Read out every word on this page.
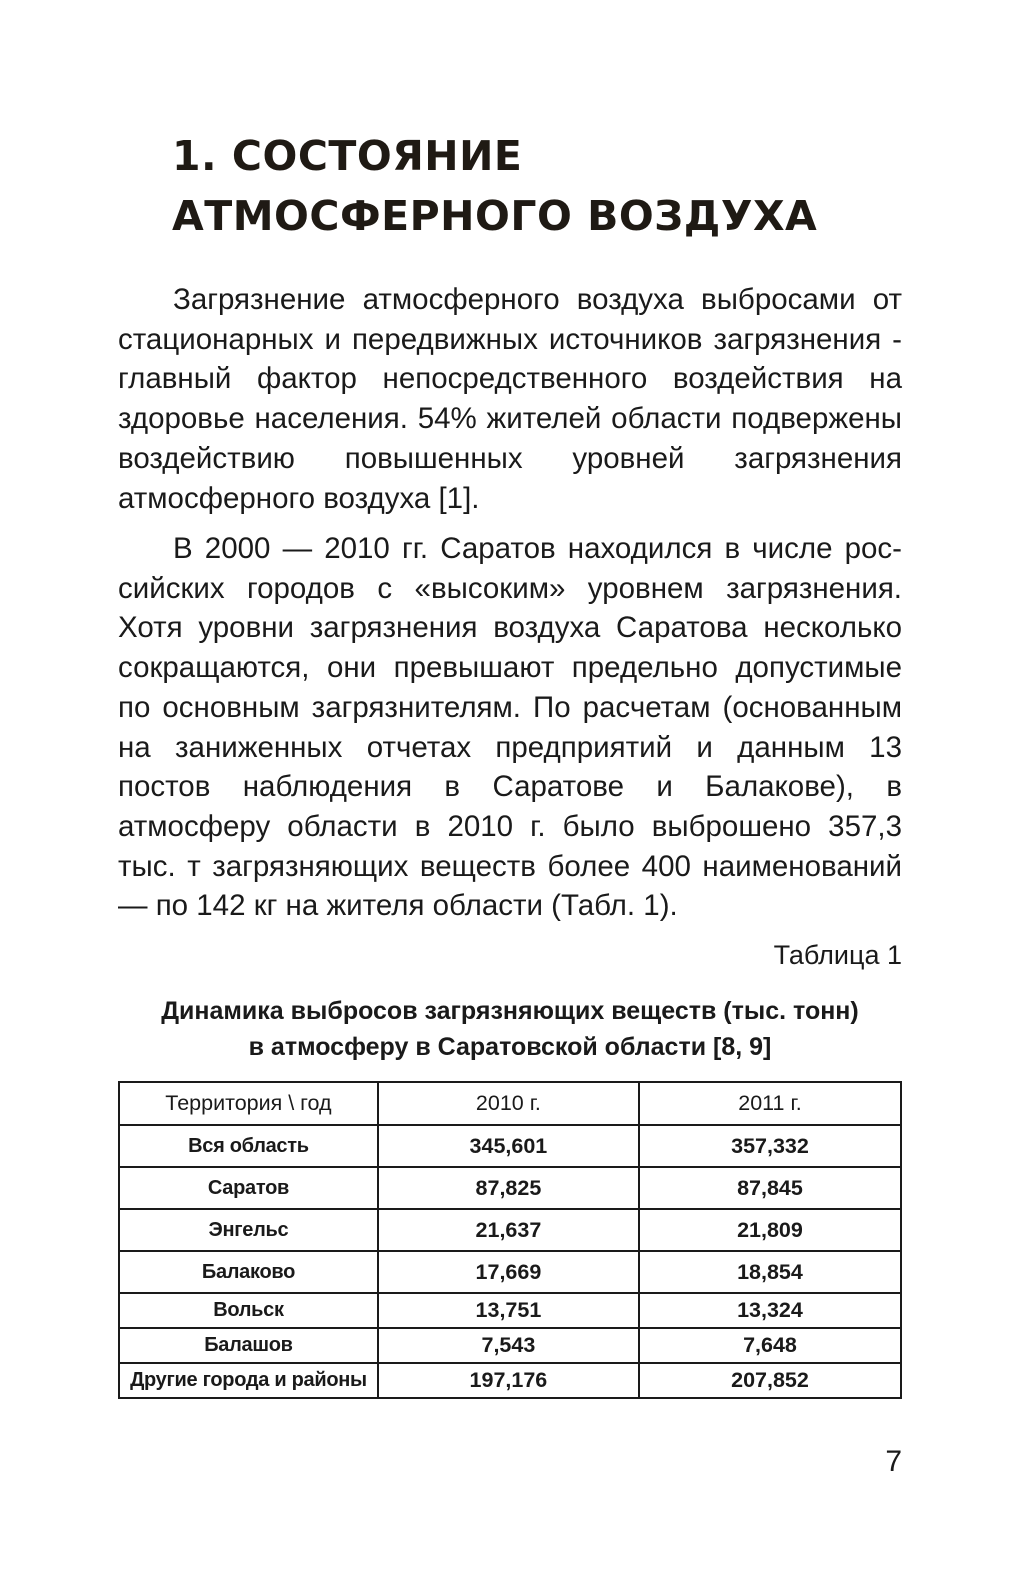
1. СОСТОЯНИЕ
АТМОСФЕРНОГО ВОЗДУХА

Загрязнение атмосферного воздуха выбросами от стационарных и передвижных источников загрязнения - главный фактор непосредственного воздействия на здоровье населения. 54% жителей области подвержены воздействию повышенных уровней загрязнения атмосферного воздуха [1].

В 2000 — 2010 гг. Саратов находился в числе российских городов с «высоким» уровнем загрязнения. Хотя уровни загрязнения воздуха Саратова несколько сокращаются, они превышают предельно допустимые по основным загрязнителям. По расчетам (основанным на заниженных отчетах предприятий и данным 13 постов наблюдения в Саратове и Балакове), в атмосферу области в 2010 г. было выброшено 357,3 тыс. т загрязняющих веществ более 400 наименований — по 142 кг на жителя области (Табл. 1).

Таблица 1

Динамика выбросов загрязняющих веществ (тыс. тонн)
в атмосферу в Саратовской области [8, 9]

Территория \ год	2010 г.	2011 г.
Вся область	345,601	357,332
Саратов	87,825	87,845
Энгельс	21,637	21,809
Балаково	17,669	18,854
Вольск	13,751	13,324
Балашов	7,543	7,648
Другие города и районы	197,176	207,852

7
